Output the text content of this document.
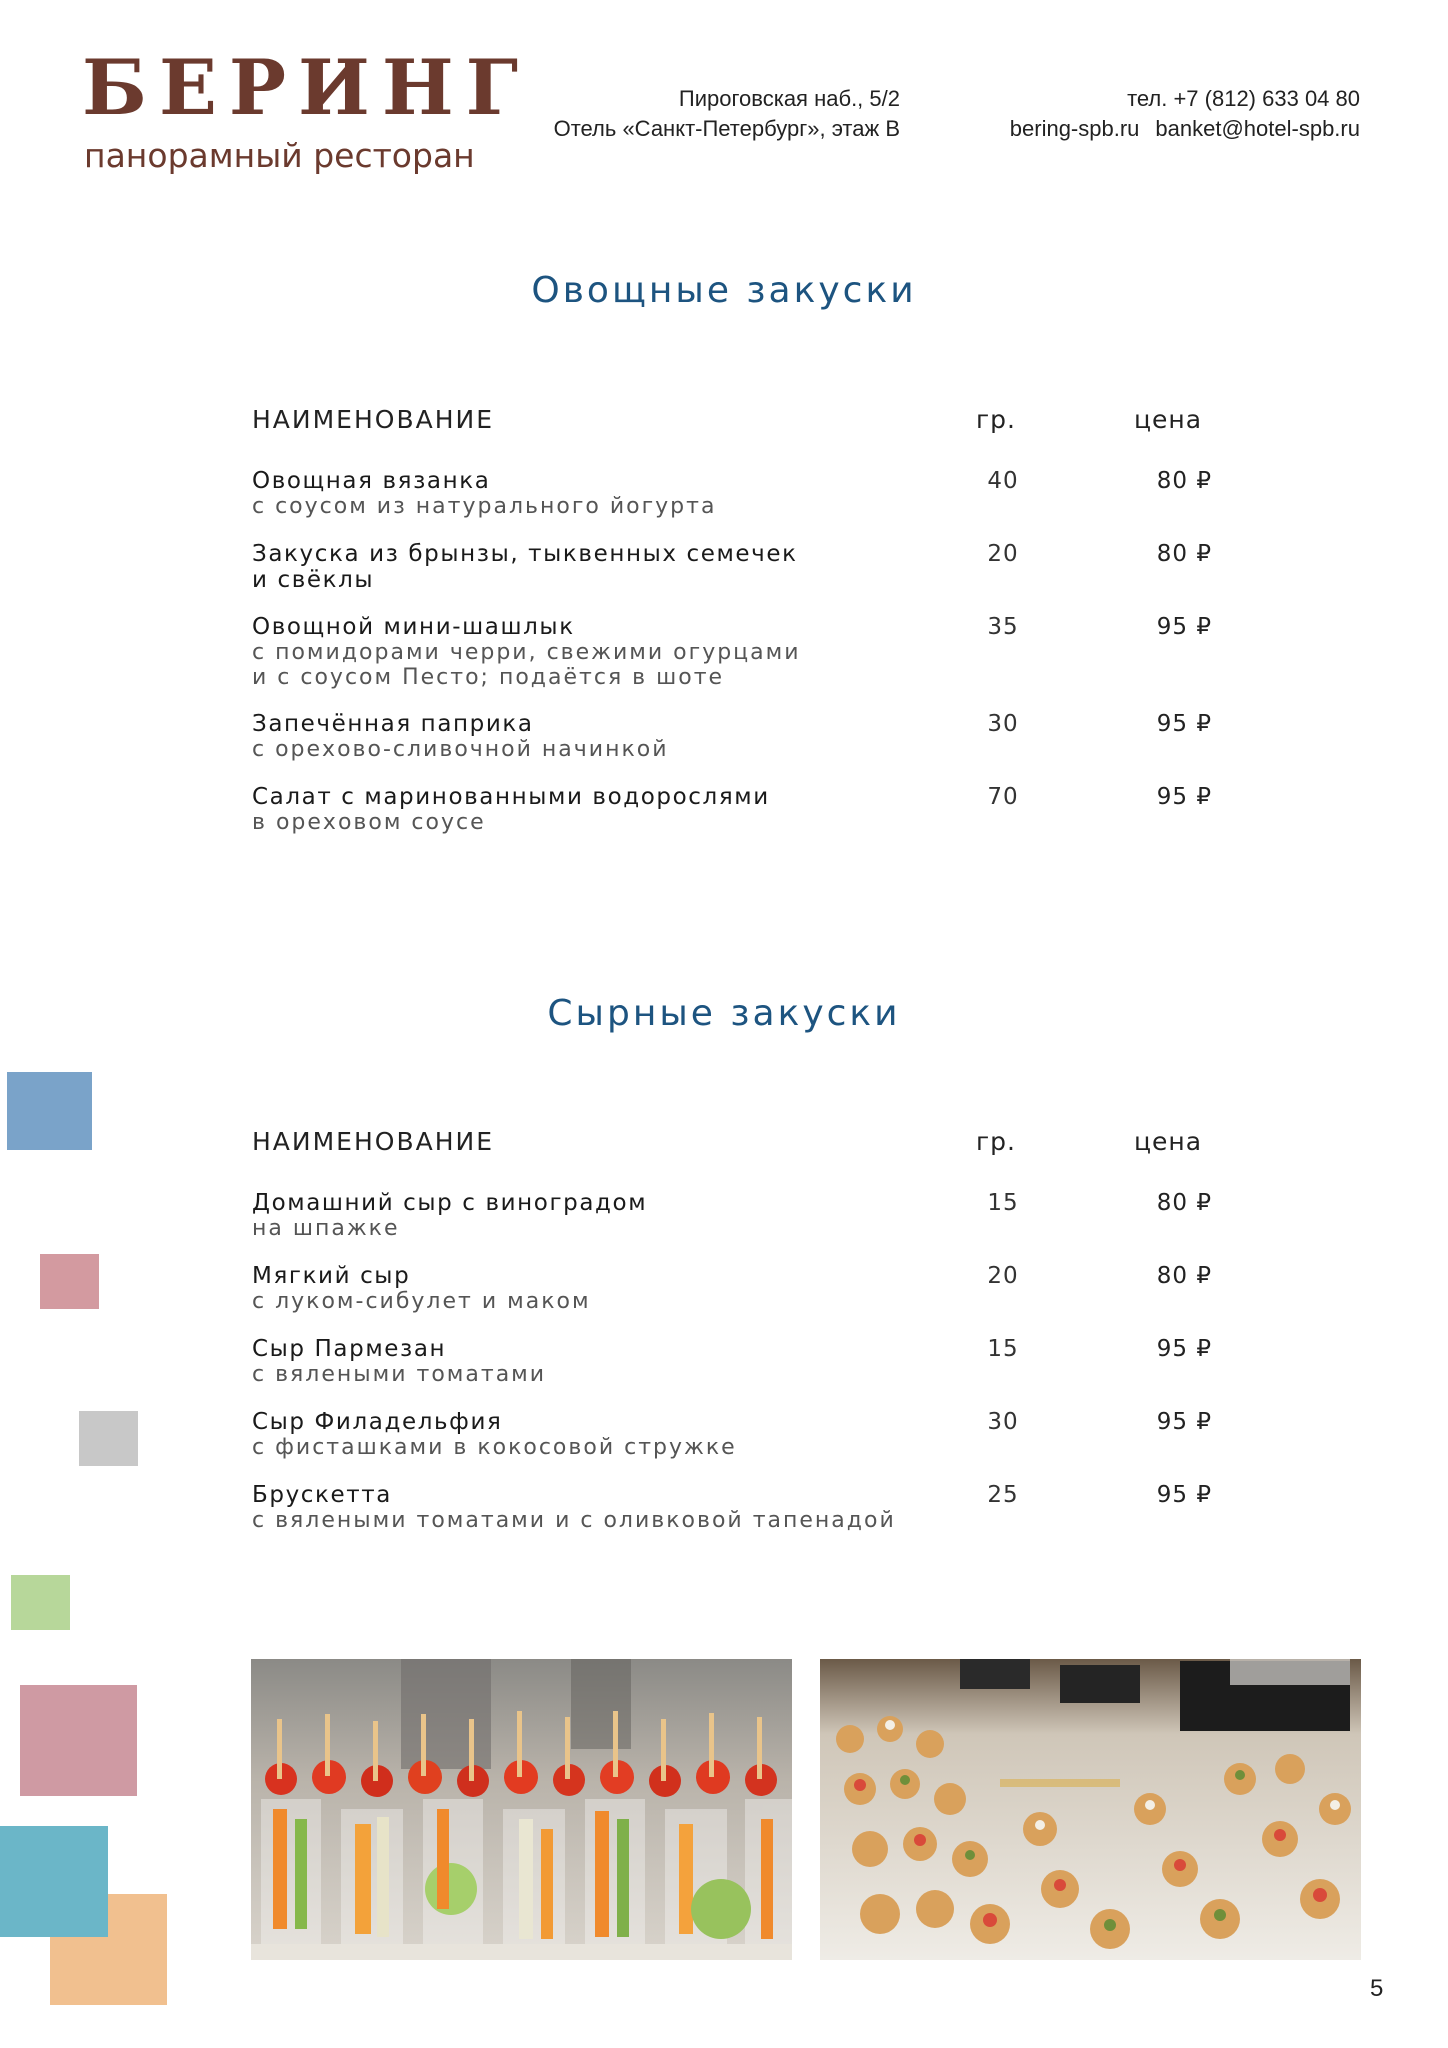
БЕРИНГ
панорамный ресторан
Пироговская наб., 5/2
Отель «Санкт-Петербург», этаж В
тел. +7 (812) 633 04 80
bering-spb.ru banket@hotel-spb.ru
Овощные закуски
НАИМЕНОВАНИЕ	гр.	цена
Овощная вязанка
с соусом из натурального йогурта
40	80 ₽
Закуска из брынзы, тыквенных семечек
и свёклы
20	80 ₽
Овощной мини-шашлык
с помидорами черри, свежими огурцами
и с соусом Песто; подаётся в шоте
35	95 ₽
Запечённая паприка
с орехово-сливочной начинкой
30	95 ₽
Салат с маринованными водорослями
в ореховом соусе
70	95 ₽
Сырные закуски
НАИМЕНОВАНИЕ	гр.	цена
Домашний сыр с виноградом
на шпажке
15	80 ₽
Мягкий сыр
с луком-сибулет и маком
20	80 ₽
Сыр Пармезан
с вялеными томатами
15	95 ₽
Сыр Филадельфия
с фисташками в кокосовой стружке
30	95 ₽
Брускетта
с вялеными томатами и с оливковой тапенадой
25	95 ₽
5
